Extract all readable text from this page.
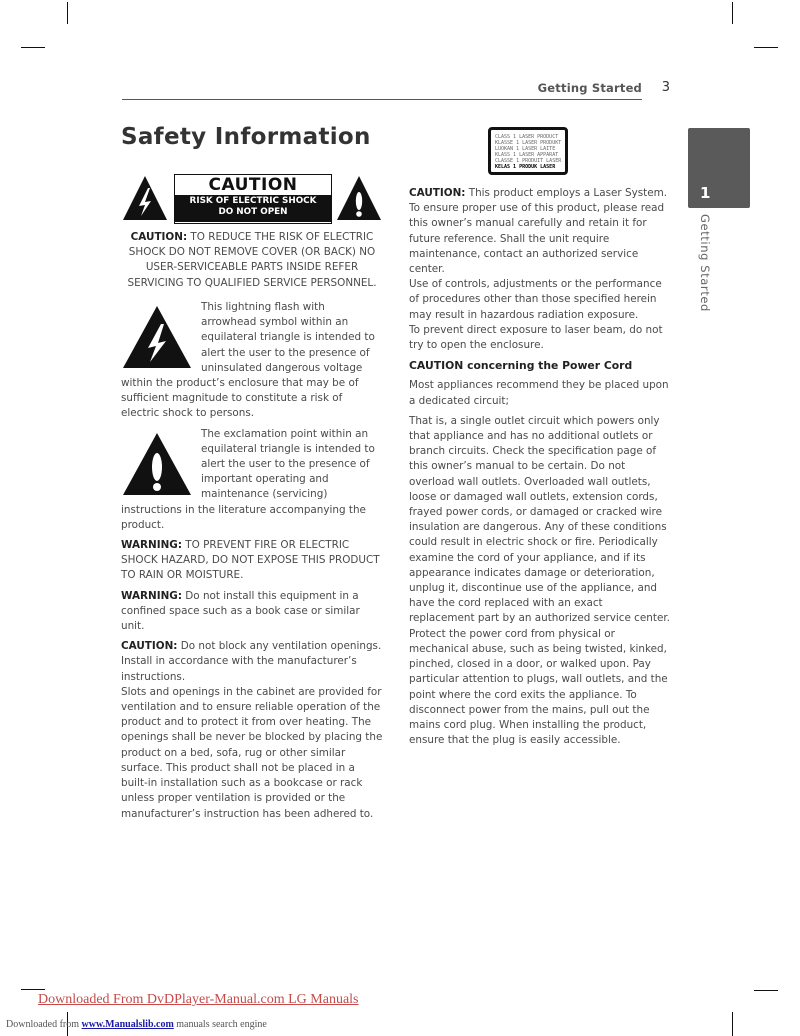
Getting Started 3
Safety Information
1
Getting Started
CAUTION
RISK OF ELECTRIC SHOCK
DO NOT OPEN
CAUTION: TO REDUCE THE RISK OF ELECTRIC SHOCK DO NOT REMOVE COVER (OR BACK) NO USER-SERVICEABLE PARTS INSIDE REFER SERVICING TO QUALIFIED SERVICE PERSONNEL.
This lightning flash with arrowhead symbol within an equilateral triangle is intended to alert the user to the presence of uninsulated dangerous voltage within the product’s enclosure that may be of sufficient magnitude to constitute a risk of electric shock to persons.
The exclamation point within an equilateral triangle is intended to alert the user to the presence of important operating and maintenance (servicing) instructions in the literature accompanying the product.

WARNING: TO PREVENT FIRE OR ELECTRIC SHOCK HAZARD, DO NOT EXPOSE THIS PRODUCT TO RAIN OR MOISTURE.

WARNING: Do not install this equipment in a confined space such as a book case or similar unit.

CAUTION: Do not block any ventilation openings. Install in accordance with the manufacturer’s instructions.

Slots and openings in the cabinet are provided for ventilation and to ensure reliable operation of the product and to protect it from over heating. The openings shall be never be blocked by placing the product on a bed, sofa, rug or other similar surface. This product shall not be placed in a built-in installation such as a bookcase or rack unless proper ventilation is provided or the manufacturer’s instruction has been adhered to.

CLASS 1 LASER PRODUCT
KLASSE 1 LASER PRODUKT
LUOKAN 1 LASER LAITE
KLASS 1 LASER APPARAT
CLASSE 1 PRODUIT LASER
KELAS 1 PRODUK LASER

CAUTION: This product employs a Laser System. To ensure proper use of this product, please read this owner’s manual carefully and retain it for future reference. Shall the unit require maintenance, contact an authorized service center.

Use of controls, adjustments or the performance of procedures other than those specified herein may result in hazardous radiation exposure.

To prevent direct exposure to laser beam, do not try to open the enclosure.

CAUTION concerning the Power Cord

Most appliances recommend they be placed upon a dedicated circuit;

That is, a single outlet circuit which powers only that appliance and has no additional outlets or branch circuits. Check the specification page of this owner’s manual to be certain. Do not overload wall outlets. Overloaded wall outlets, loose or damaged wall outlets, extension cords, frayed power cords, or damaged or cracked wire insulation are dangerous. Any of these conditions could result in electric shock or fire. Periodically examine the cord of your appliance, and if its appearance indicates damage or deterioration, unplug it, discontinue use of the appliance, and have the cord replaced with an exact replacement part by an authorized service center. Protect the power cord from physical or mechanical abuse, such as being twisted, kinked, pinched, closed in a door, or walked upon. Pay particular attention to plugs, wall outlets, and the point where the cord exits the appliance. To disconnect power from the mains, pull out the mains cord plug. When installing the product, ensure that the plug is easily accessible.

Downloaded From DvDPlayer-Manual.com LG Manuals
Downloaded from www.Manualslib.com manuals search engine
